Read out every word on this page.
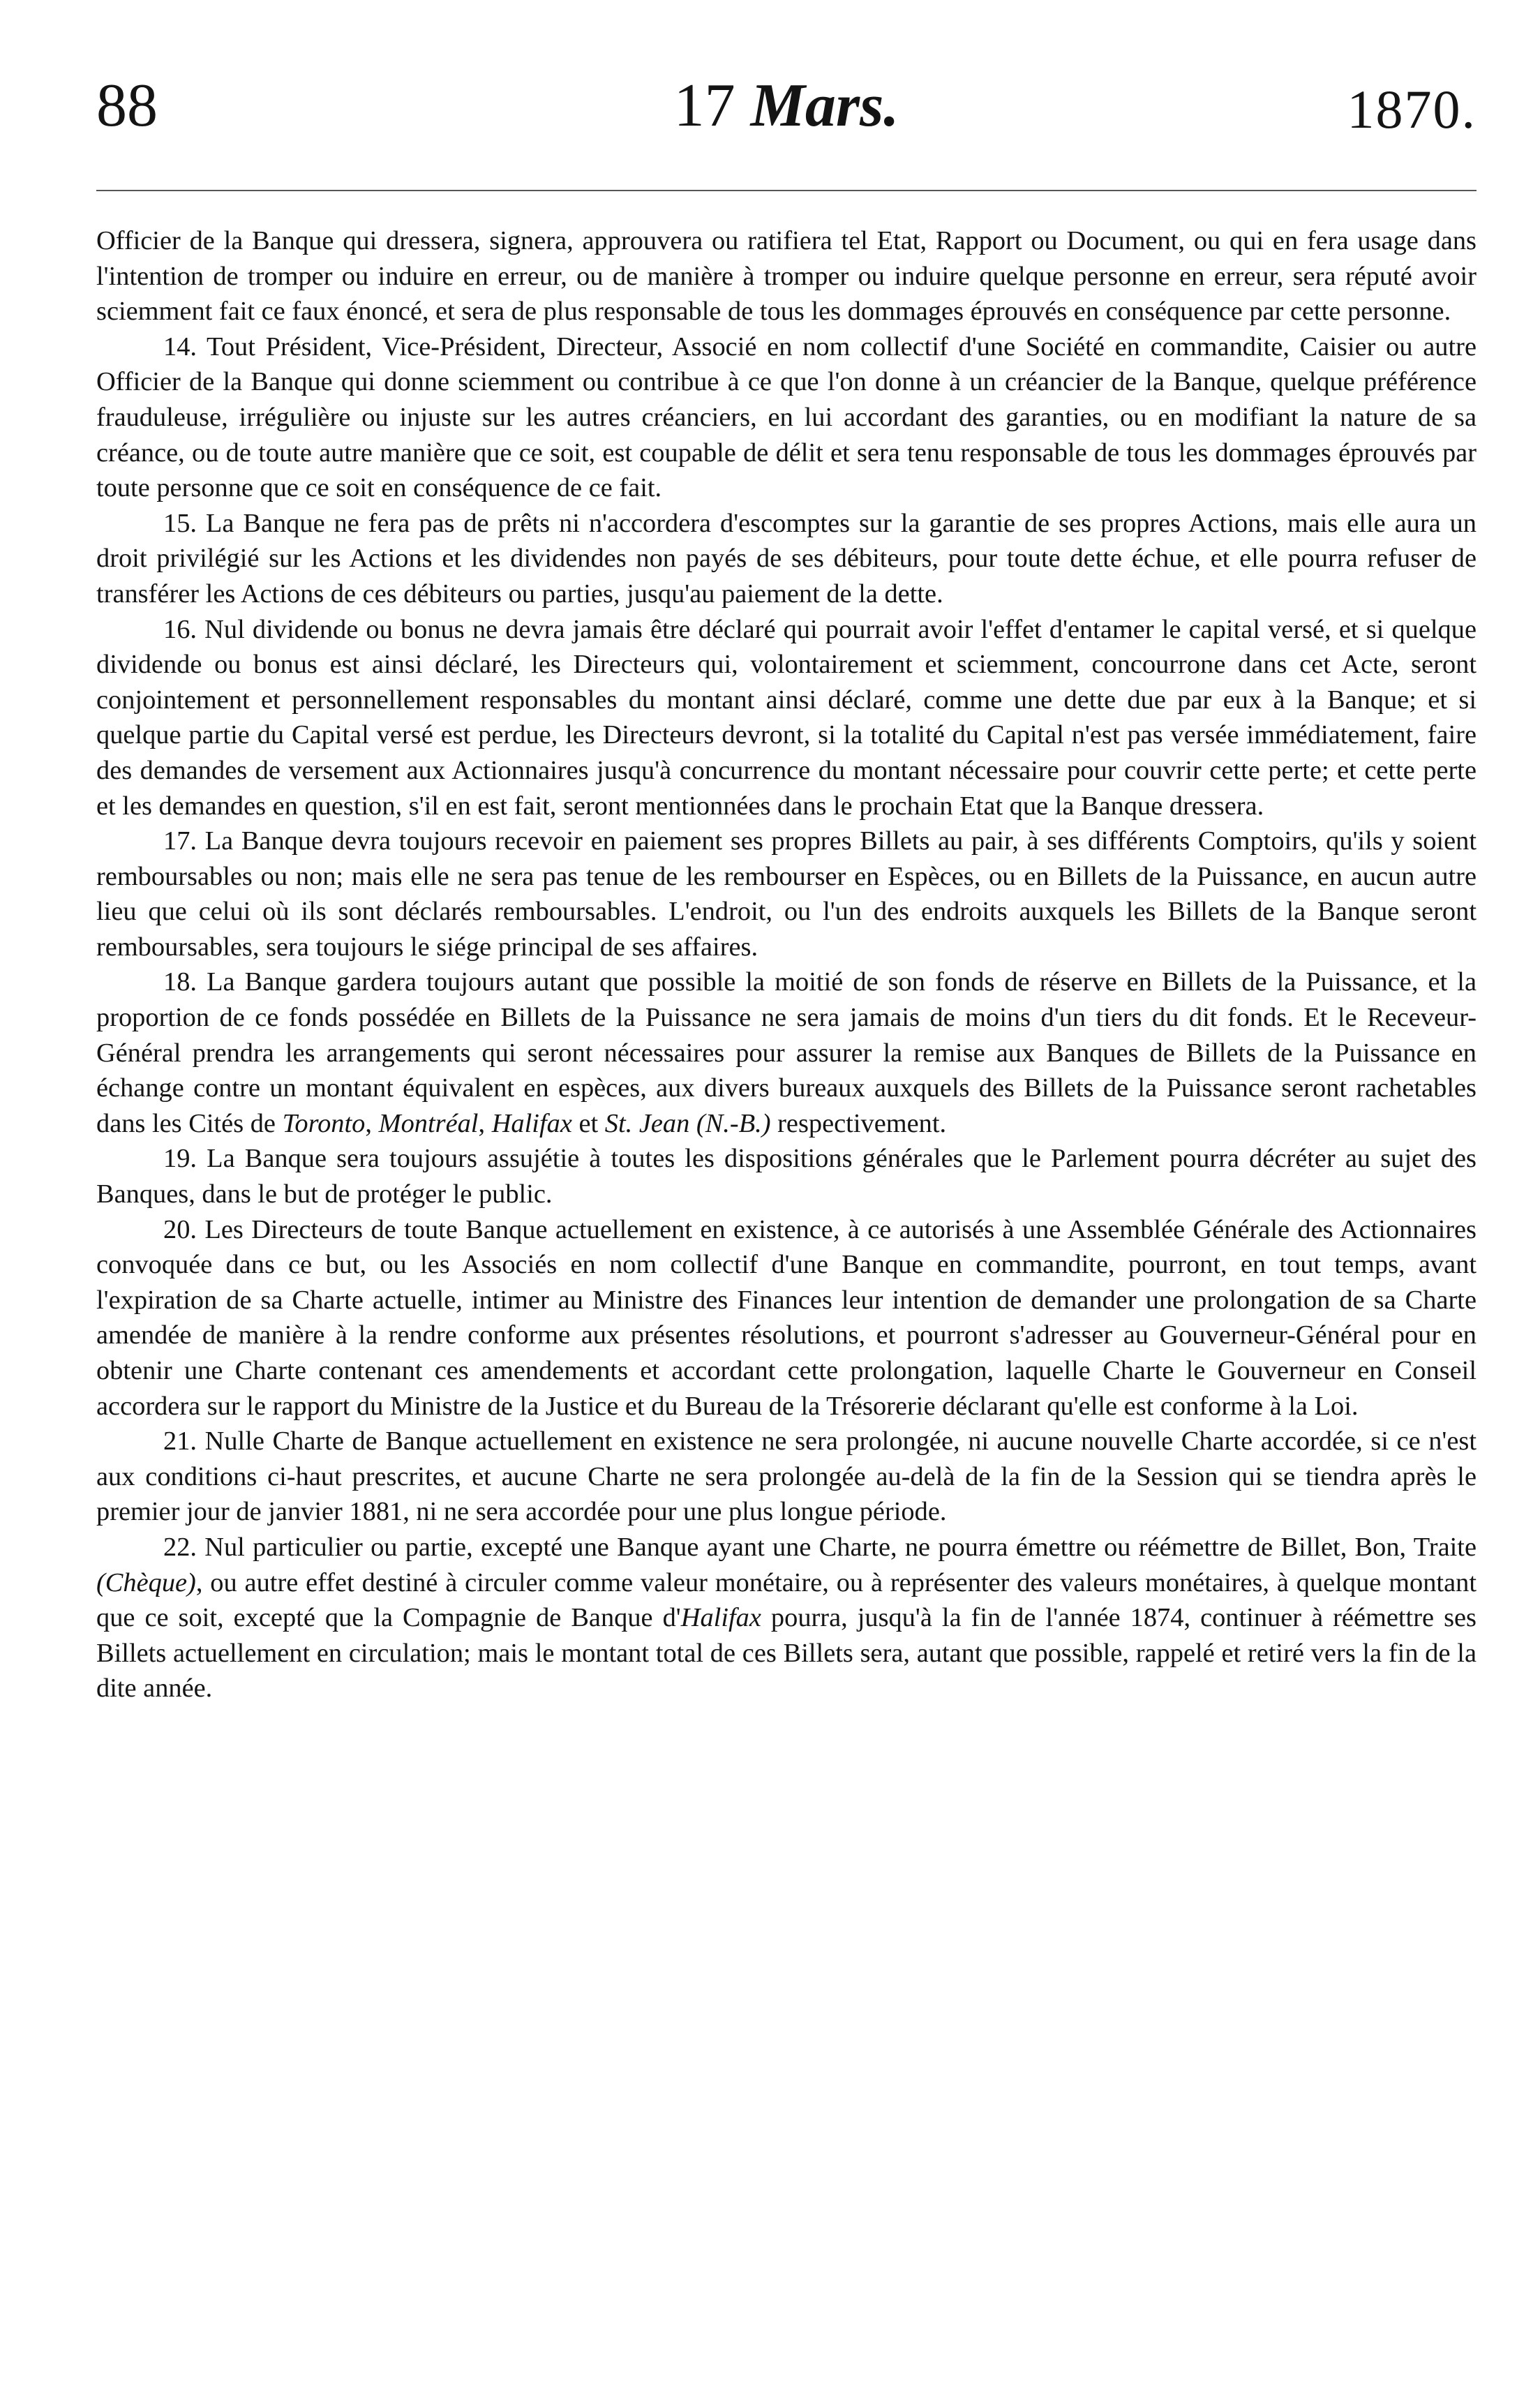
88	17 Mars.	1870.

Officier de la Banque qui dressera, signera, approuvera ou ratifiera tel Etat, Rapport ou Document, ou qui en fera usage dans l'intention de tromper ou induire en erreur, ou de manière à tromper ou induire quelque personne en erreur, sera réputé avoir sciemment fait ce faux énoncé, et sera de plus responsable de tous les dommages éprouvés en conséquence par cette personne.

14. Tout Président, Vice-Président, Directeur, Associé en nom collectif d'une Société en commandite, Caisier ou autre Officier de la Banque qui donne sciemment ou contribue à ce que l'on donne à un créancier de la Banque, quelque préférence frauduleuse, irrégulière ou injuste sur les autres créanciers, en lui accordant des garanties, ou en modifiant la nature de sa créance, ou de toute autre manière que ce soit, est coupable de délit et sera tenu responsable de tous les dommages éprouvés par toute personne que ce soit en conséquence de ce fait.

15. La Banque ne fera pas de prêts ni n'accordera d'escomptes sur la garantie de ses propres Actions, mais elle aura un droit privilégié sur les Actions et les dividendes non payés de ses débiteurs, pour toute dette échue, et elle pourra refuser de transférer les Actions de ces débiteurs ou parties, jusqu'au paiement de la dette.

16. Nul dividende ou bonus ne devra jamais être déclaré qui pourrait avoir l'effet d'entamer le capital versé, et si quelque dividende ou bonus est ainsi déclaré, les Directeurs qui, volontairement et sciemment, concourrone dans cet Acte, seront conjointement et personnellement responsables du montant ainsi déclaré, comme une dette due par eux à la Banque; et si quelque partie du Capital versé est perdue, les Directeurs devront, si la totalité du Capital n'est pas versée immédiatement, faire des demandes de versement aux Actionnaires jusqu'à concurrence du montant nécessaire pour couvrir cette perte; et cette perte et les demandes en question, s'il en est fait, seront mentionnées dans le prochain Etat que la Banque dressera.

17. La Banque devra toujours recevoir en paiement ses propres Billets au pair, à ses différents Comptoirs, qu'ils y soient remboursables ou non; mais elle ne sera pas tenue de les rembourser en Espèces, ou en Billets de la Puissance, en aucun autre lieu que celui où ils sont déclarés remboursables. L'endroit, ou l'un des endroits auxquels les Billets de la Banque seront remboursables, sera toujours le siége principal de ses affaires.

18. La Banque gardera toujours autant que possible la moitié de son fonds de réserve en Billets de la Puissance, et la proportion de ce fonds possédée en Billets de la Puissance ne sera jamais de moins d'un tiers du dit fonds. Et le Receveur-Général prendra les arrangements qui seront nécessaires pour assurer la remise aux Banques de Billets de la Puissance en échange contre un montant équivalent en espèces, aux divers bureaux auxquels des Billets de la Puissance seront rachetables dans les Cités de Toronto, Montréal, Halifax et St. Jean (N.-B.) respectivement.

19. La Banque sera toujours assujétie à toutes les dispositions générales que le Parlement pourra décréter au sujet des Banques, dans le but de protéger le public.

20. Les Directeurs de toute Banque actuellement en existence, à ce autorisés à une Assemblée Générale des Actionnaires convoquée dans ce but, ou les Associés en nom collectif d'une Banque en commandite, pourront, en tout temps, avant l'expiration de sa Charte actuelle, intimer au Ministre des Finances leur intention de demander une prolongation de sa Charte amendée de manière à la rendre conforme aux présentes résolutions, et pourront s'adresser au Gouverneur-Général pour en obtenir une Charte contenant ces amendements et accordant cette prolongation, laquelle Charte le Gouverneur en Conseil accordera sur le rapport du Ministre de la Justice et du Bureau de la Trésorerie déclarant qu'elle est conforme à la Loi.

21. Nulle Charte de Banque actuellement en existence ne sera prolongée, ni aucune nouvelle Charte accordée, si ce n'est aux conditions ci-haut prescrites, et aucune Charte ne sera prolongée au-delà de la fin de la Session qui se tiendra après le premier jour de janvier 1881, ni ne sera accordée pour une plus longue période.

22. Nul particulier ou partie, excepté une Banque ayant une Charte, ne pourra émettre ou réémettre de Billet, Bon, Traite (Chèque), ou autre effet destiné à circuler comme valeur monétaire, ou à représenter des valeurs monétaires, à quelque montant que ce soit, excepté que la Compagnie de Banque d'Halifax pourra, jusqu'à la fin de l'année 1874, continuer à réémettre ses Billets actuellement en circulation; mais le montant total de ces Billets sera, autant que possible, rappelé et retiré vers la fin de la dite année.
